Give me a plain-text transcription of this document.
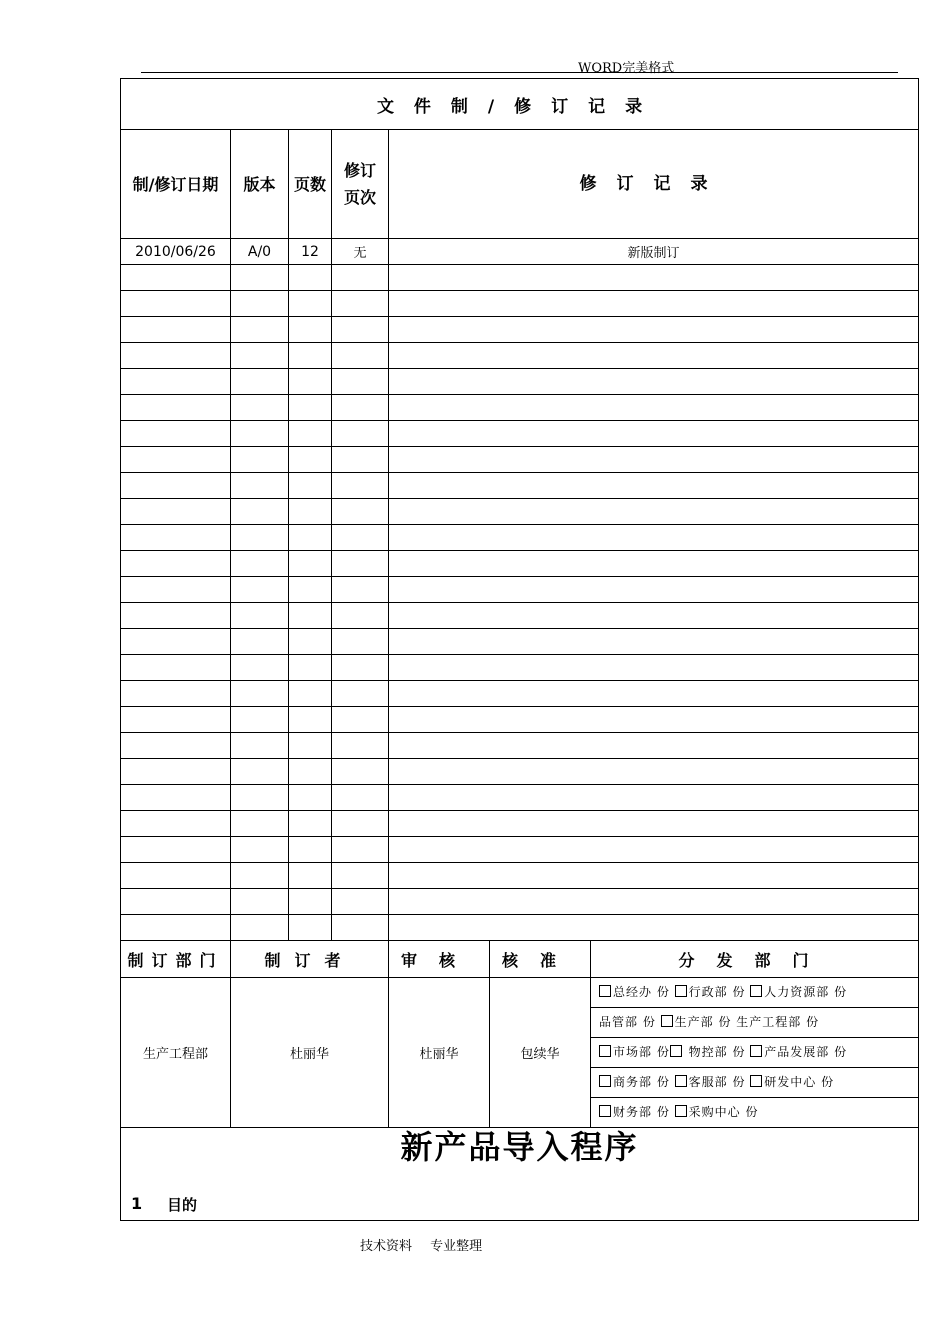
WORD完美格式
文件制/修订记录						
制/修订日期	版本	页数	修订页次	修订记录		
2010/06/26	A/0	12	无	新版制订		

制订部门	制订者			审核	核准	分发部门
生产工程部	杜丽华			杜丽华	包续华	总经办 份 行政部 份 人力资源部 份
品管部 份 生产部 份 生产工程部 份
市场部 份 物控部 份 产品发展部 份
商务部 份 客服部 份 研发中心 份
财务部 份 采购中心 份

新产品导入程序
1 目的						
技术资料 专业整理
